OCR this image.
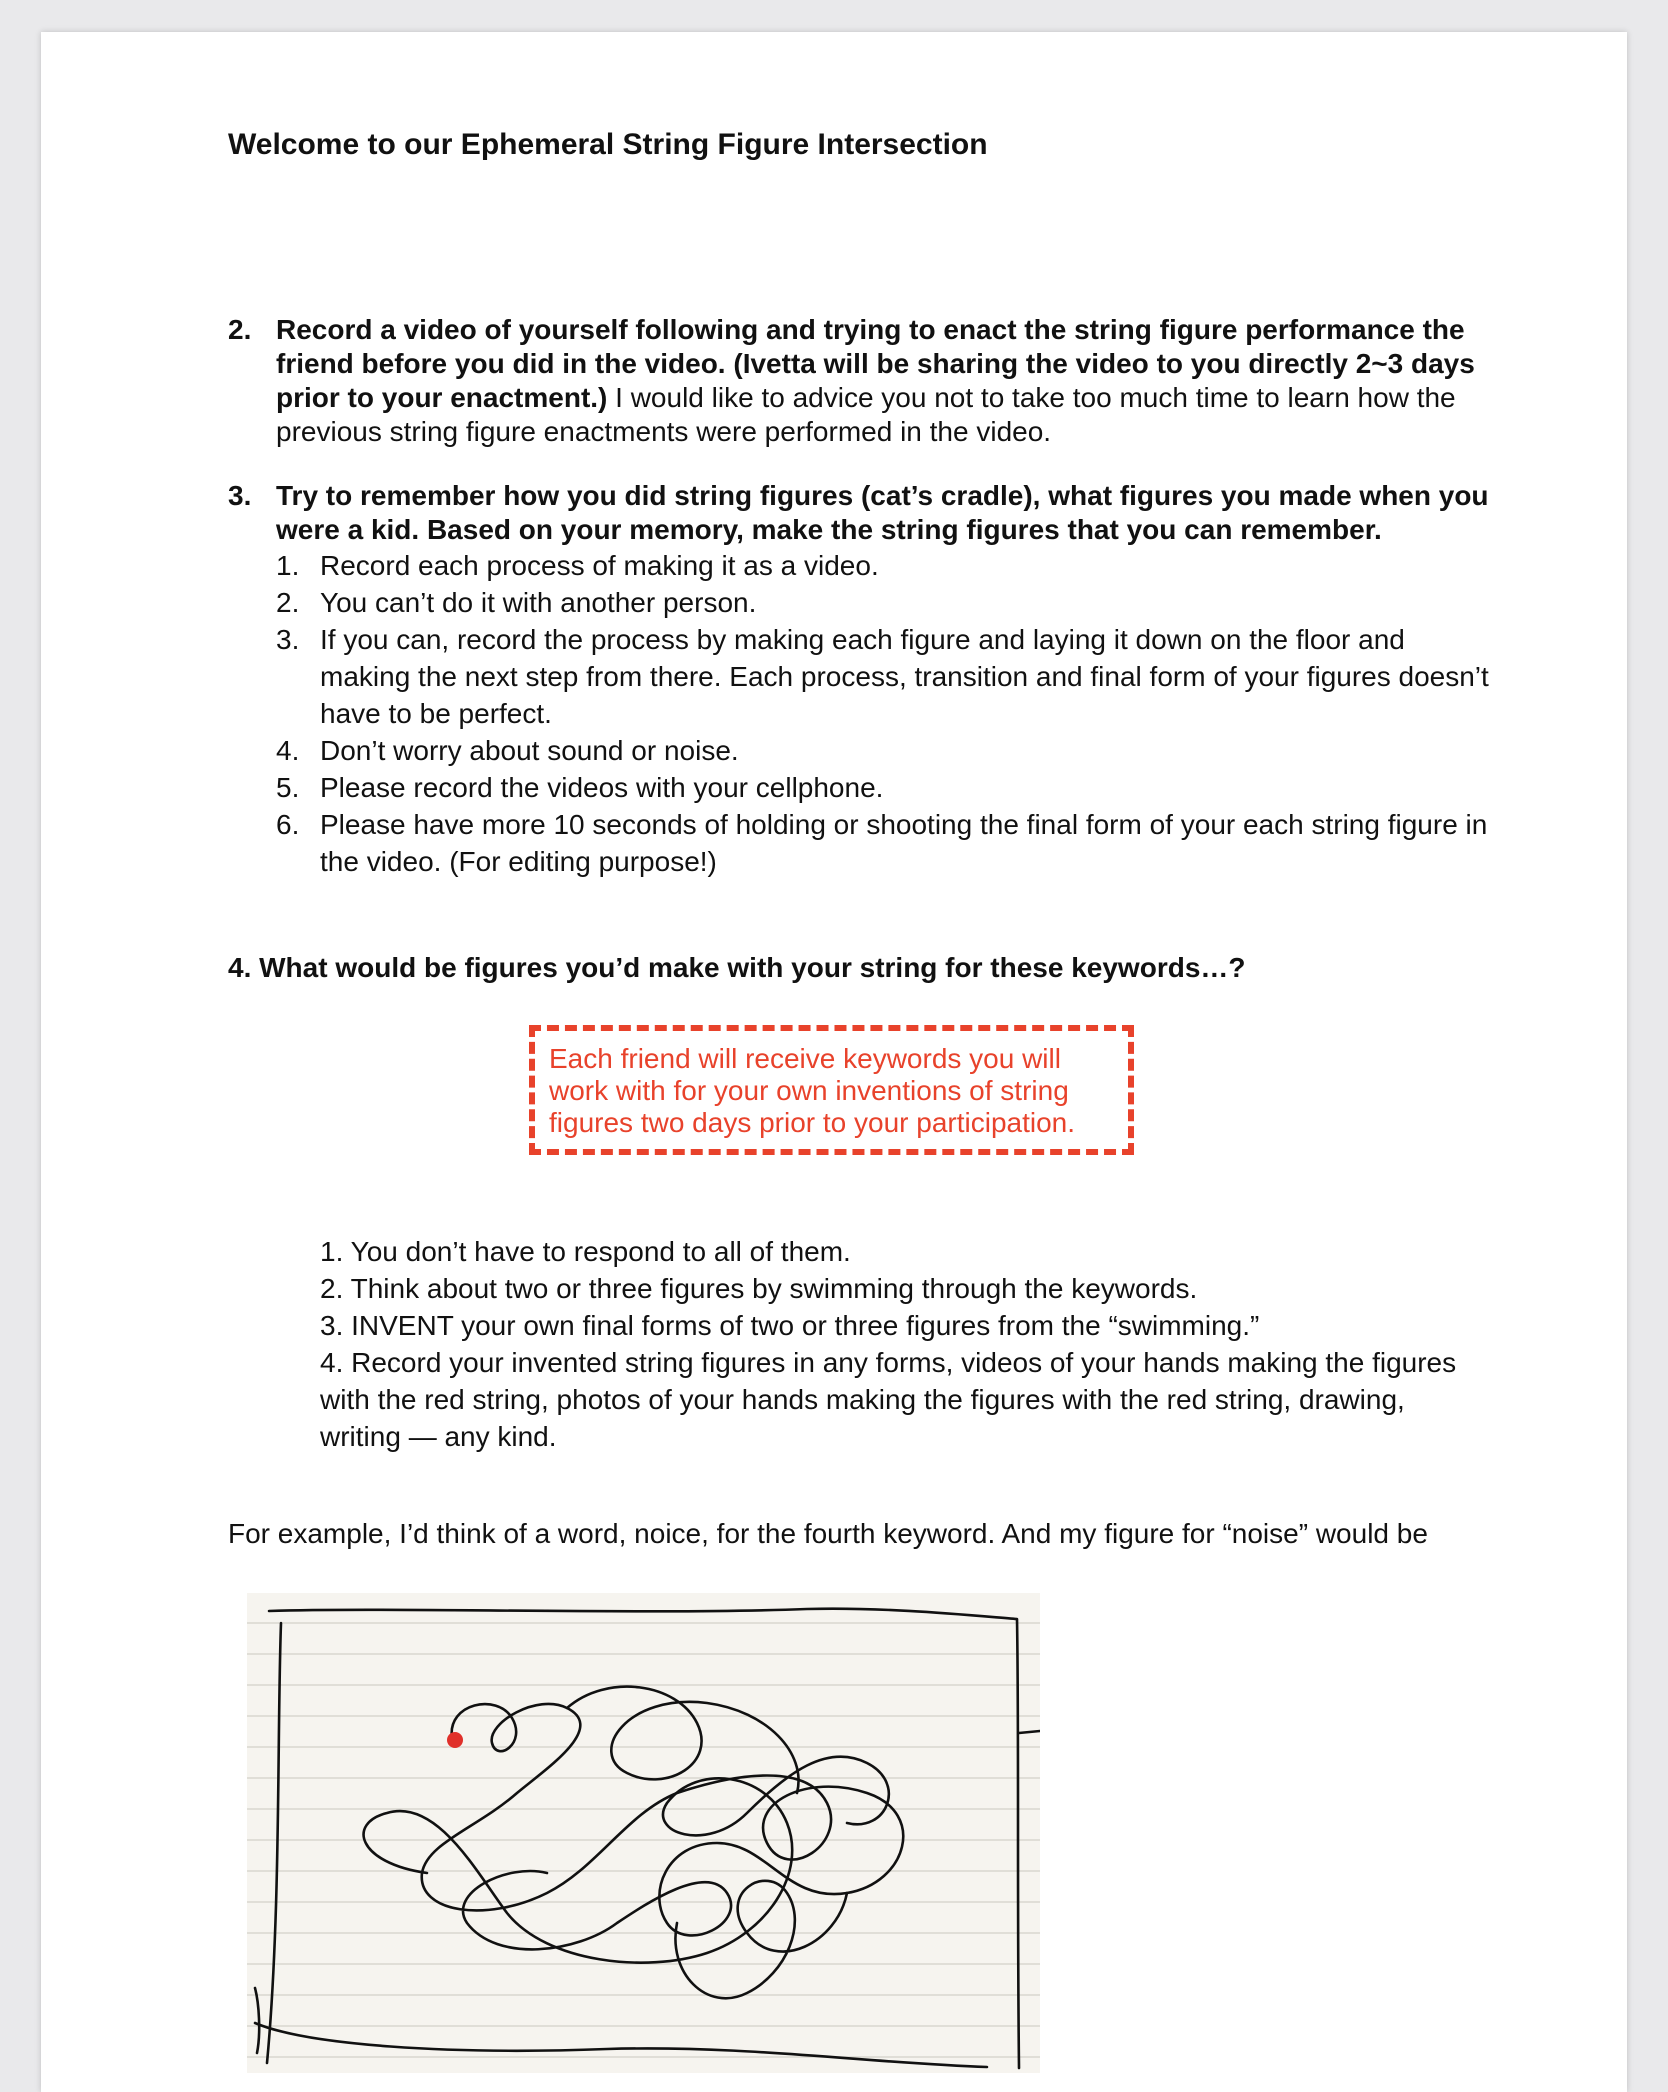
Welcome to our Ephemeral String Figure Intersection
2. Record a video of yourself following and trying to enact the string figure performance the friend before you did in the video. (Ivetta will be sharing the video to you directly 2~3 days prior to your enactment.) I would like to advice you not to take too much time to learn how the previous string figure enactments were performed in the video.
3. Try to remember how you did string figures (cat’s cradle), what figures you made when you were a kid. Based on your memory, make the string figures that you can remember.
1. Record each process of making it as a video.
2. You can’t do it with another person.
3. If you can, record the process by making each figure and laying it down on the floor and making the next step from there. Each process, transition and final form of your figures doesn’t have to be perfect.
4. Don’t worry about sound or noise.
5. Please record the videos with your cellphone.
6. Please have more 10 seconds of holding or shooting the final form of your each string figure in the video. (For editing purpose!)
4. What would be figures you’d make with your string for these keywords…?
Each friend will receive keywords you will work with for your own inventions of string figures two days prior to your participation.

1. You don’t have to respond to all of them.

2. Think about two or three figures by swimming through the keywords.

3. INVENT your own final forms of two or three figures from the “swimming.”

4. Record your invented string figures in any forms, videos of your hands making the figures with the red string, photos of your hands making the figures with the red string, drawing, writing — any kind.

For example, I’d think of a word, noice, for the fourth keyword. And my figure for “noise” would be
